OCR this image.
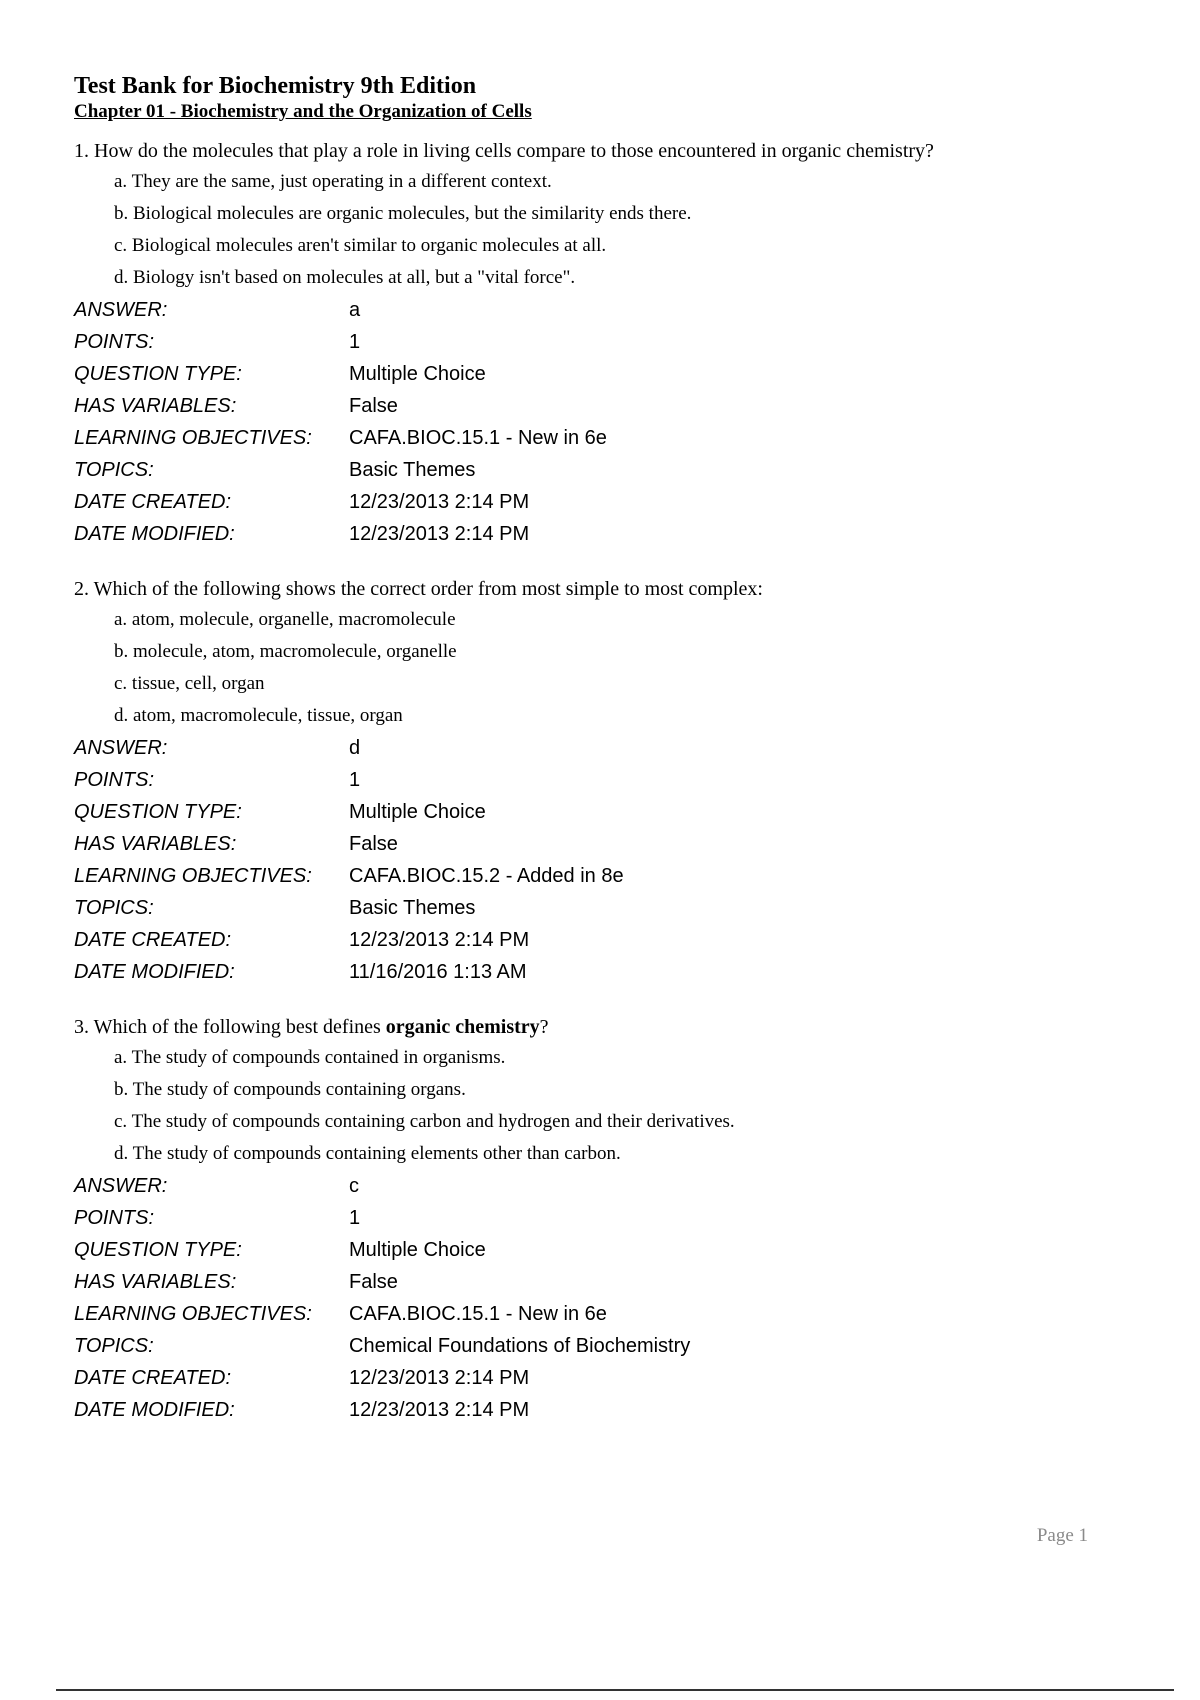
Test Bank for Biochemistry 9th Edition
Chapter 01 - Biochemistry and the Organization of Cells
1. How do the molecules that play a role in living cells compare to those encountered in organic chemistry?
a. They are the same, just operating in a different context.
b. Biological molecules are organic molecules, but the similarity ends there.
c. Biological molecules aren't similar to organic molecules at all.
d. Biology isn't based on molecules at all, but a "vital force".
ANSWER:	a
POINTS:	1
QUESTION TYPE:	Multiple Choice
HAS VARIABLES:	False
LEARNING OBJECTIVES:	CAFA.BIOC.15.1 - New in 6e
TOPICS:	Basic Themes
DATE CREATED:	12/23/2013 2:14 PM
DATE MODIFIED:	12/23/2013 2:14 PM
2. Which of the following shows the correct order from most simple to most complex:
a. atom, molecule, organelle, macromolecule
b. molecule, atom, macromolecule, organelle
c. tissue, cell, organ
d. atom, macromolecule, tissue, organ
ANSWER:	d
POINTS:	1
QUESTION TYPE:	Multiple Choice
HAS VARIABLES:	False
LEARNING OBJECTIVES:	CAFA.BIOC.15.2 - Added in 8e
TOPICS:	Basic Themes
DATE CREATED:	12/23/2013 2:14 PM
DATE MODIFIED:	11/16/2016 1:13 AM
3. Which of the following best defines organic chemistry?
a. The study of compounds contained in organisms.
b. The study of compounds containing organs.
c. The study of compounds containing carbon and hydrogen and their derivatives.
d. The study of compounds containing elements other than carbon.
ANSWER:	c
POINTS:	1
QUESTION TYPE:	Multiple Choice
HAS VARIABLES:	False
LEARNING OBJECTIVES:	CAFA.BIOC.15.1 - New in 6e
TOPICS:	Chemical Foundations of Biochemistry
DATE CREATED:	12/23/2013 2:14 PM
DATE MODIFIED:	12/23/2013 2:14 PM
Page 1
